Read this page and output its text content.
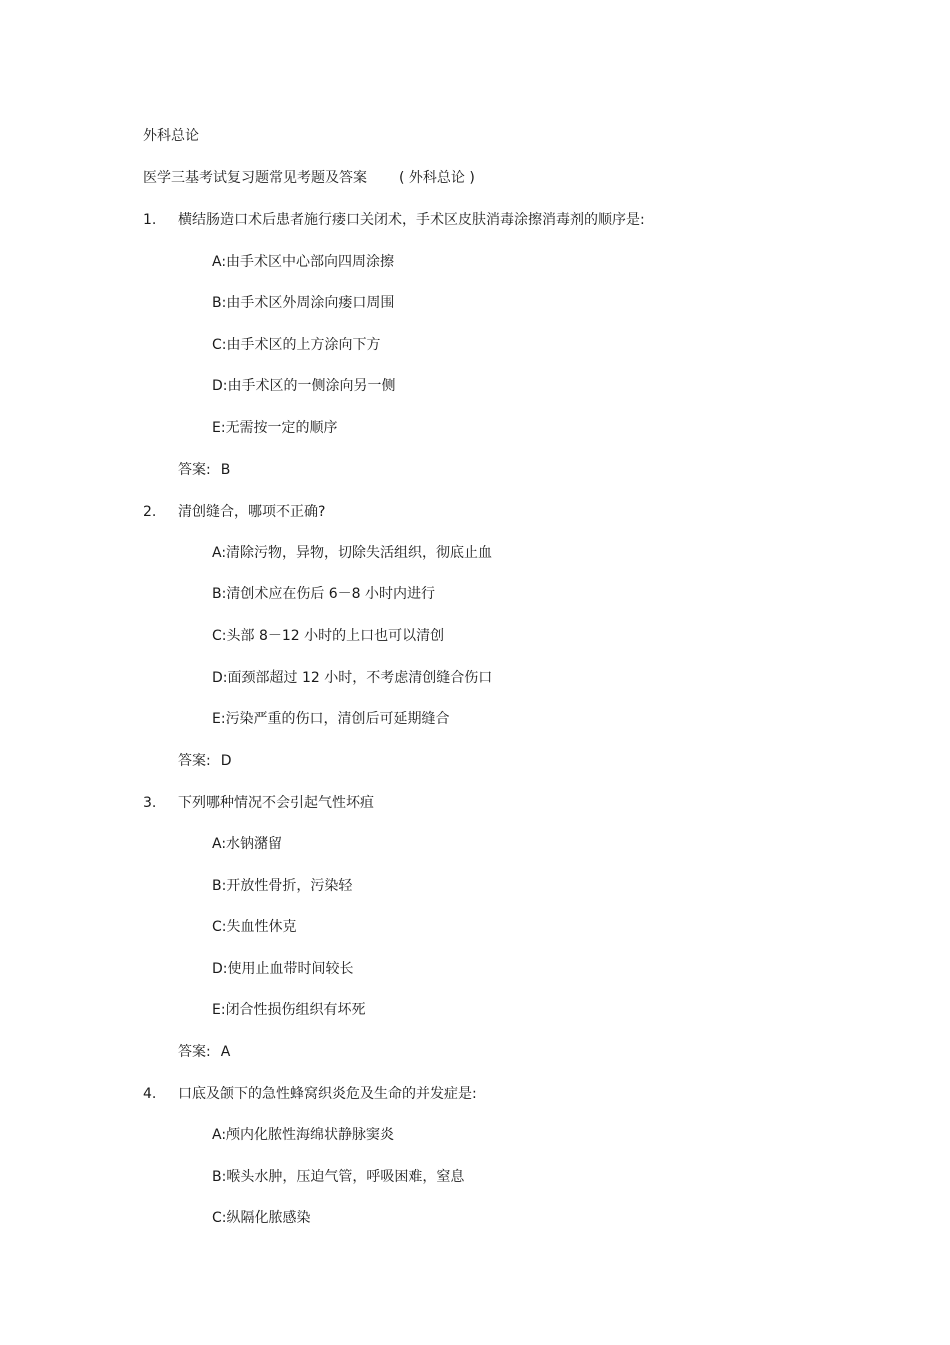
外科总论
医学三基考试复习题常见考题及答案 ( 外科总论 )
1. 横结肠造口术后患者施行瘘口关闭术，手术区皮肤消毒涂擦消毒剂的顺序是:
A:由手术区中心部向四周涂擦
B:由手术区外周涂向瘘口周围
C:由手术区的上方涂向下方
D:由手术区的一侧涂向另一侧
E:无需按一定的顺序
答案: B
2. 清创缝合，哪项不正确?
A:清除污物，异物，切除失活组织，彻底止血
B:清创术应在伤后 6－8 小时内进行
C:头部 8－12 小时的上口也可以清创
D:面颈部超过 12 小时，不考虑清创缝合伤口
E:污染严重的伤口，清创后可延期缝合
答案: D
3. 下列哪种情况不会引起气性坏疽
A:水钠潴留
B:开放性骨折，污染轻
C:失血性休克
D:使用止血带时间较长
E:闭合性损伤组织有坏死
答案: A
4. 口底及颌下的急性蜂窝织炎危及生命的并发症是:
A:颅内化脓性海绵状静脉窦炎
B:喉头水肿，压迫气管，呼吸困难，窒息
C:纵隔化脓感染
